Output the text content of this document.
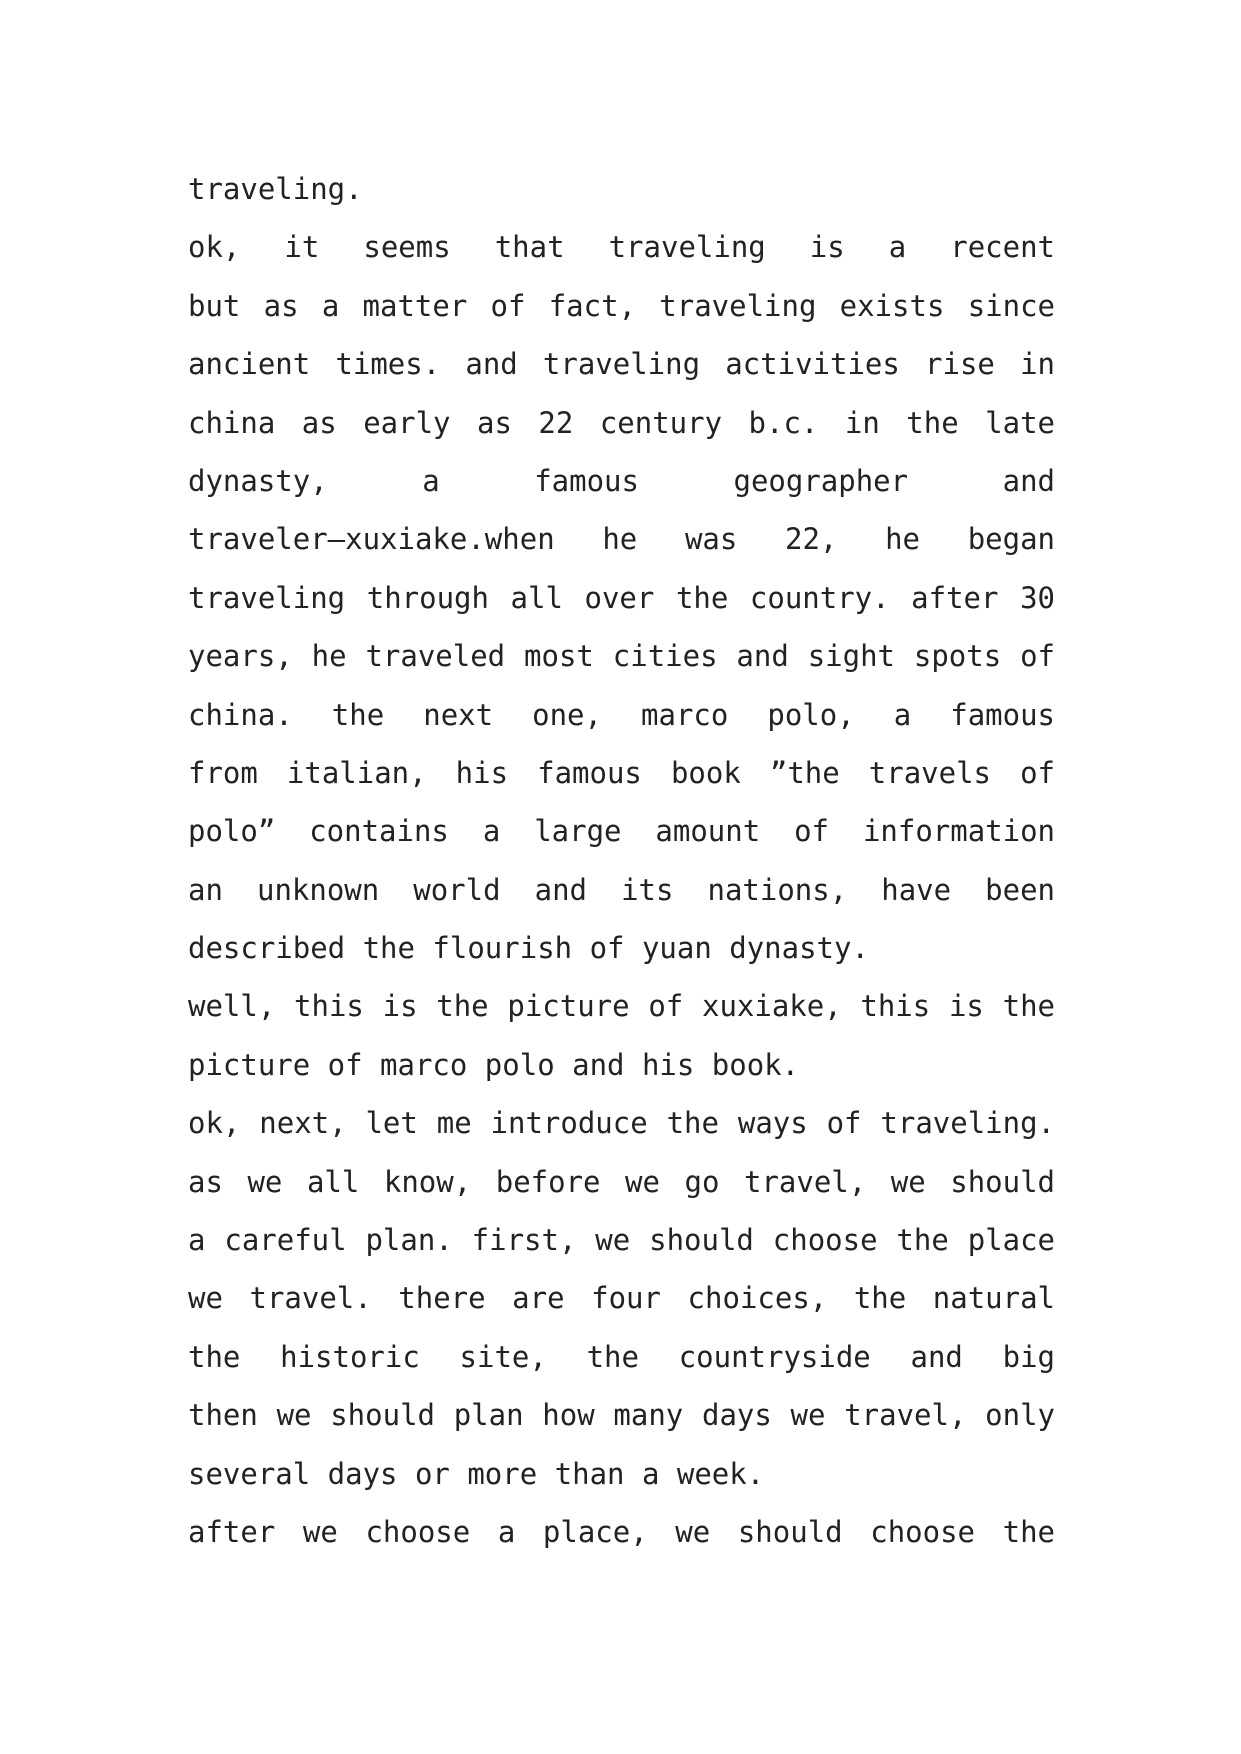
traveling.
ok, it seems that traveling is a recent
but as a matter of fact, traveling exists since
ancient times. and traveling activities rise in
china as early as 22 century b.c. in the late
dynasty, a famous geographer and
traveler—xuxiake.when he was 22, he began
traveling through all over the country. after 30
years, he traveled most cities and sight spots of
china. the next one, marco polo, a famous
from italian, his famous book ”the travels of
polo” contains a large amount of information
an unknown world and its nations, have been
described the flourish of yuan dynasty.
well, this is the picture of xuxiake, this is the
picture of marco polo and his book.
ok, next, let me introduce the ways of traveling.
as we all know, before we go travel, we should
a careful plan. first, we should choose the place
we travel. there are four choices, the natural
the historic site, the countryside and big
then we should plan how many days we travel, only
several days or more than a week.
after we choose a place, we should choose the
